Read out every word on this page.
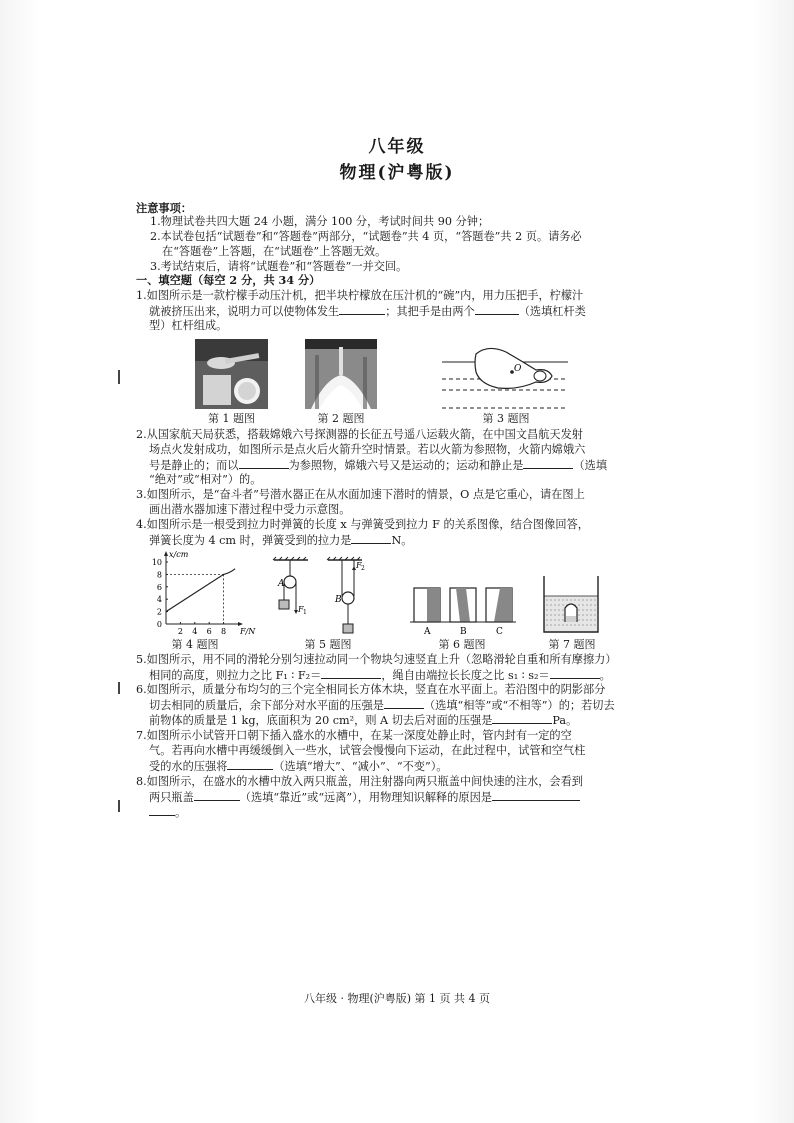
八年级
物理(沪粤版)
注意事项：
1.物理试卷共四大题 24 小题，满分 100 分，考试时间共 90 分钟；
2.本试卷包括“试题卷”和“答题卷”两部分，“试题卷”共 4 页，“答题卷”共 2 页。请务必
在“答题卷”上答题，在“试题卷”上答题无效。
3.考试结束后，请将“试题卷”和“答题卷”一并交回。
一、填空题（每空 2 分，共 34 分）
1.如图所示是一款柠檬手动压汁机，把半块柠檬放在压汁机的“碗”内，用力压把手，柠檬汁
就被挤压出来，说明力可以使物体发生	；其把手是由两个	（选填杠杆类
型）杠杆组成。
O
第 1 题图	第 2 题图	第 3 题图
2.从国家航天局获悉，搭载嫦娥六号探测器的长征五号遥八运载火箭，在中国文昌航天发射
场点火发射成功，如图所示是点火后火箭升空时情景。若以火箭为参照物，火箭内嫦娥六
号是静止的；而以	为参照物，嫦娥六号又是运动的；运动和静止是	（选填
“绝对”或“相对”）的。
3.如图所示，是“奋斗者”号潜水器正在从水面加速下潜时的情景，O 点是它重心，请在图上
画出潜水器加速下潜过程中受力示意图。
4.如图所示是一根受到拉力时弹簧的长度 x 与弹簧受到拉力 F 的关系图像，结合图像回答，
弹簧长度为 4 cm 时，弹簧受到的拉力是	N。
x/cm
F/N
0
2
4
6
8
10
2 4 6 8
A
F 1
B
F 2
A	B	C
第 4 题图	第 5 题图	第 6 题图	第 7 题图
5.如图所示，用不同的滑轮分别匀速拉动同一个物块匀速竖直上升（忽略滑轮自重和所有摩擦力）
相同的高度，则拉力之比 F₁ ∶ F₂＝	，绳自由端拉长长度之比 s₁ ∶ s₂＝	。
6.如图所示，质量分布均匀的三个完全相同长方体木块，竖直在水平面上。若沿图中的阴影部分
切去相同的质量后，余下部分对水平面的压强是	（选填“相等”或“不相等”）的；若切去
前物体的质量是 1 kg，底面积为 20 cm²，则 A 切去后对面的压强是	Pa。
7.如图所示小试管开口朝下插入盛水的水槽中，在某一深度处静止时，管内封有一定的空
气。若再向水槽中再缓缓倒入一些水，试管会慢慢向下运动，在此过程中，试管和空气柱
受的水的压强将	（选填“增大”、“减小”、“不变”）。
8.如图所示，在盛水的水槽中放入两只瓶盖，用注射器向两只瓶盖中间快速的注水，会看到
两只瓶盖	（选填“靠近”或“远离”），用物理知识解释的原因是
。
八年级 · 物理(沪粤版) 第 1 页 共 4 页
